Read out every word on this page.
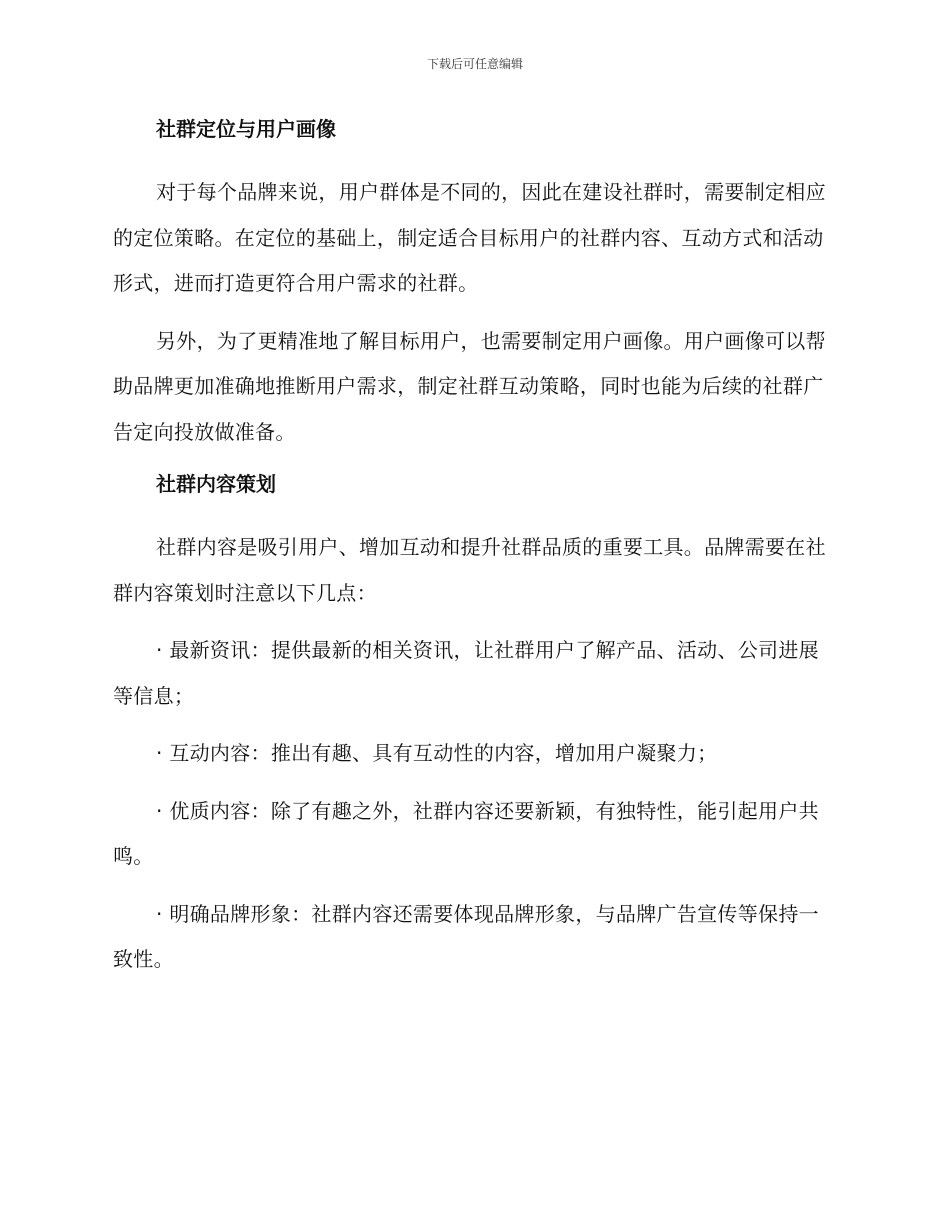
下载后可任意编辑
社群定位与用户画像

对于每个品牌来说，用户群体是不同的，因此在建设社群时，需要制定相应的定位策略。在定位的基础上，制定适合目标用户的社群内容、互动方式和活动形式，进而打造更符合用户需求的社群。

另外，为了更精准地了解目标用户，也需要制定用户画像。用户画像可以帮助品牌更加准确地推断用户需求，制定社群互动策略，同时也能为后续的社群广告定向投放做准备。

社群内容策划

社群内容是吸引用户、增加互动和提升社群品质的重要工具。品牌需要在社群内容策划时注意以下几点：

· 最新资讯：提供最新的相关资讯，让社群用户了解产品、活动、公司进展等信息；

· 互动内容：推出有趣、具有互动性的内容，增加用户凝聚力；

· 优质内容：除了有趣之外，社群内容还要新颖，有独特性，能引起用户共鸣。

· 明确品牌形象：社群内容还需要体现品牌形象，与品牌广告宣传等保持一致性。
